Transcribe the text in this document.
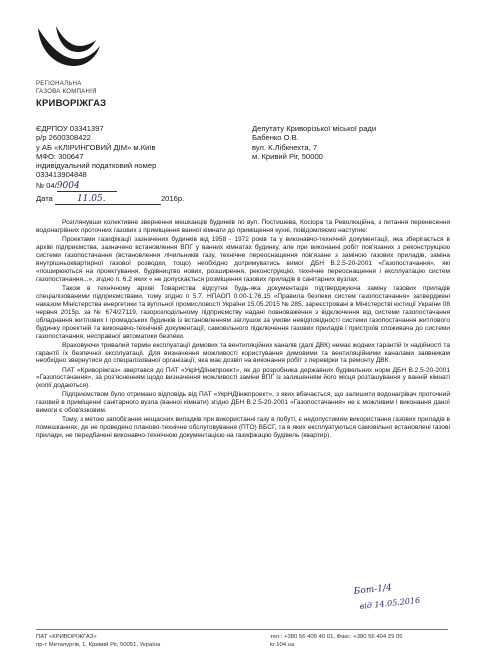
РЕГІОНАЛЬНА
ГАЗОВА КОМПАНІЯ
КРИВОРІЖГАЗ
ЄДРПОУ 03341397
р/р 2600308422
у АБ «КЛІРИНГОВИЙ ДІМ» м.Київ
МФО: 300647
індивідуальний податковий номер
033413904848
Депутату Криворізької міської ради
Бабенко О.В.
вул. К.Лібкнехта, 7
м. Кривий Ріг, 50000
№ 04/9004
Дата	11.05.	2016р.

Розглянувши колективне звернення мешканців будинків по вул. Постишева, Косіора та Революційна, з питання перенесення водонагрівних проточних газових з приміщення ванної кімнати до приміщення кухні, повідомляємо наступне:

Проектами газифікації зазначених будинків від 1958 - 1972 років та у виконавчо-технічній документації, яка зберігається в архіві підприємства, зазначено встановлення ВПГ у ванних кімнатах будинку, але при виконанні робіт пов'язаних з реконструкцією системи газопостачання (встановлення лічильників газу, технічне переоснащення пов'язане з заміною газових приладів, заміна внутрішньоквартирної газової розводки, тощо) необхідно дотримуватись вимог ДБН В.2.5-20-2001 «Газопостачання», які «поширюються на проектування, будівництво нових, розширення, реконструкцію, технічне переоснащення і експлуатацію систем газопостачання...», згідно п. 6.2 яких « не допускається розміщення газових приладів в санітарних вузлах.

Також в технічному архіві Товариства відсутня будь-яка документація підтверджуюча заміну газових приладів спеціалізованими підприємствами, тому згідно п 5.7. НПАОП 0.00-1.76.15 «Правила безпеки систем газопостачання» затверджені наказом Міністерства енергетики та вугільної промисловості України 15.05.2015 № 285, зареєстровані в Міністерстві юстиції України 08 червня 2015р. за № 674/27119, газорозподільному підприємству надані повноваження з відключення від системи газопостачання обладнання житлових і громадських будинків із встановленням заглушок за умови невідповідності системи газопостачання житлового будинку проектній та виконавчо-технічній документації, самовільного підключення газових приладів і пристроїв споживача до системи газопостачання, несправної автоматики безпеки.

Враховуючи тривалий термін експлуатації димових та вентиляційних каналів (далі ДВК) немає жодних гарантій їх надійності та гарантії їх безпечної експлуатації. Для визначення можливості користування димовими та вентиляційними каналами заявникам необхідно звернутися до спеціалізованої організації, яка має дозвіл на виконання робіт з перевірки та ремонту ДВК.

ПАТ «Криворіжгаз» звертався до ПАТ «УкрНДІінжпроект», як до розробника державних будівельних норм ДБН В.2.5-20-2001 «Газопостачання», за роз'ясненням щодо визначення можливості заміни ВПГ із залишенням його місця розташування у ванній кімнаті (копії додаються).

Підприємством було отримано відповідь від ПАТ «УкрНДІінжпроект», з яких вбачається, що залишити водонагрівач проточний газовий в приміщенні санітарного вузла (ванної кімнати) згідно ДБН В.2.5-20-2001 «Газопостачання» не є можливим і виконання даної вимоги є обов'язковим.

Тому, з метою запобігання нещасних випадків при використанні газу в побуті, є недопустимим використання газових приладів в помешканнях, де не проведено планово-технічне обслуговування (ПТО) ВБСГ, та в яких експлуатуються самовільно встановлені газові прилади, не передбачені виконавчо-технічною документацією на газифікацію будівель (квартир).

Бот-1/4
від 14.05.2016
ПАТ «КРИВОРІЖГАЗ»
пр-т Металургів, 1, Кривий Ріг, 50051, Україна
тел.: +380 56 405 40 01, Факс: +380 56 404 29 05
kr.104.ua
